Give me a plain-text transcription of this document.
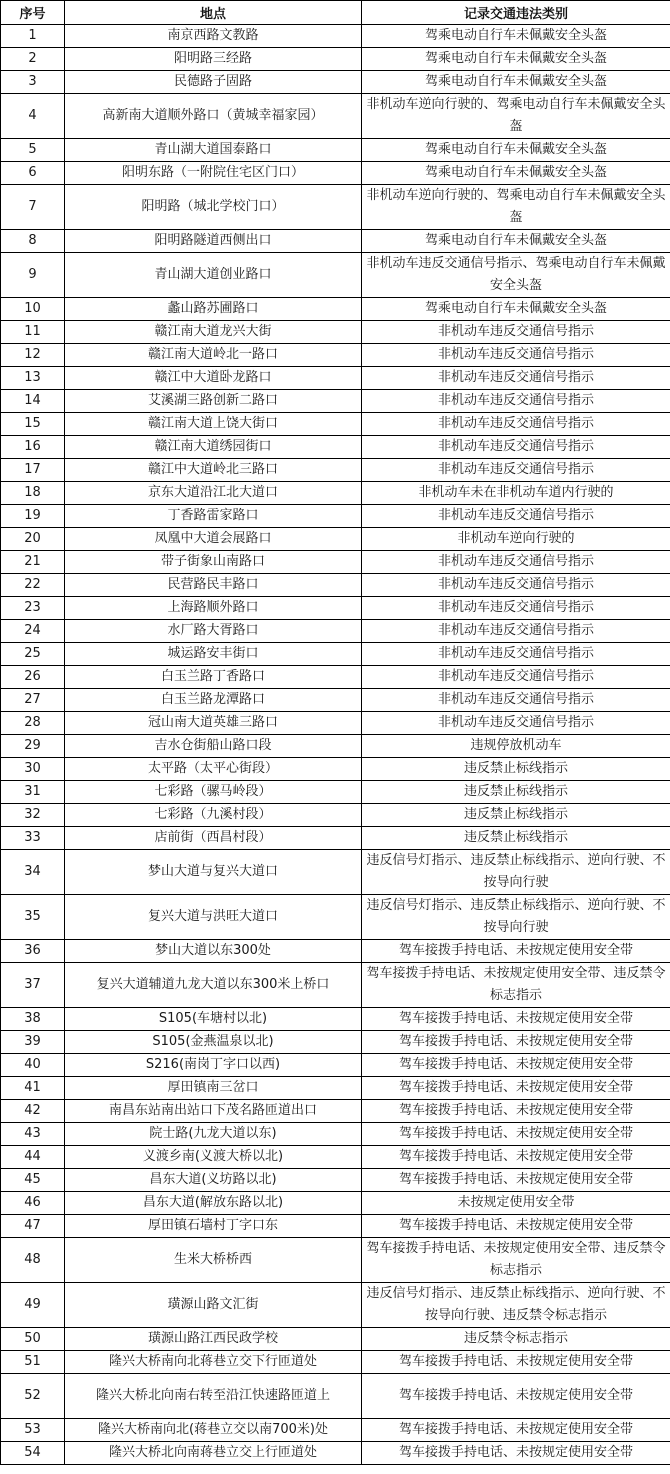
序号	地点	记录交通违法类别
1	南京西路文教路	驾乘电动自行车未佩戴安全头盔
2	阳明路三经路	驾乘电动自行车未佩戴安全头盔
3	民德路子固路	驾乘电动自行车未佩戴安全头盔
4	高新南大道顺外路口（黄城幸福家园）	非机动车逆向行驶的、驾乘电动自行车未佩戴安全头盔
5	青山湖大道国泰路口	驾乘电动自行车未佩戴安全头盔
6	阳明东路（一附院住宅区门口）	驾乘电动自行车未佩戴安全头盔
7	阳明路（城北学校门口）	非机动车逆向行驶的、驾乘电动自行车未佩戴安全头盔
8	阳明路隧道西侧出口	驾乘电动自行车未佩戴安全头盔
9	青山湖大道创业路口	非机动车违反交通信号指示、驾乘电动自行车未佩戴安全头盔
10	蠡山路苏圃路口	驾乘电动自行车未佩戴安全头盔
11	赣江南大道龙兴大街	非机动车违反交通信号指示
12	赣江南大道岭北一路口	非机动车违反交通信号指示
13	赣江中大道卧龙路口	非机动车违反交通信号指示
14	艾溪湖三路创新二路口	非机动车违反交通信号指示
15	赣江南大道上饶大街口	非机动车违反交通信号指示
16	赣江南大道绣园街口	非机动车违反交通信号指示
17	赣江中大道岭北三路口	非机动车违反交通信号指示
18	京东大道沿江北大道口	非机动车未在非机动车道内行驶的
19	丁香路雷家路口	非机动车违反交通信号指示
20	凤凰中大道会展路口	非机动车逆向行驶的
21	带子街象山南路口	非机动车违反交通信号指示
22	民营路民丰路口	非机动车违反交通信号指示
23	上海路顺外路口	非机动车违反交通信号指示
24	水厂路大胥路口	非机动车违反交通信号指示
25	城运路安丰街口	非机动车违反交通信号指示
26	白玉兰路丁香路口	非机动车违反交通信号指示
27	白玉兰路龙潭路口	非机动车违反交通信号指示
28	冠山南大道英雄三路口	非机动车违反交通信号指示
29	吉水仓街船山路口段	违规停放机动车
30	太平路（太平心街段）	违反禁止标线指示
31	七彩路（骡马岭段）	违反禁止标线指示
32	七彩路（九溪村段）	违反禁止标线指示
33	店前街（西昌村段）	违反禁止标线指示
34	梦山大道与复兴大道口	违反信号灯指示、违反禁止标线指示、逆向行驶、不按导向行驶
35	复兴大道与洪旺大道口	违反信号灯指示、违反禁止标线指示、逆向行驶、不按导向行驶
36	梦山大道以东300处	驾车接拨手持电话、未按规定使用安全带
37	复兴大道辅道九龙大道以东300米上桥口	驾车接拨手持电话、未按规定使用安全带、违反禁令标志指示
38	S105(车塘村以北)	驾车接拨手持电话、未按规定使用安全带
39	S105(金燕温泉以北)	驾车接拨手持电话、未按规定使用安全带
40	S216(南岗丁字口以西)	驾车接拨手持电话、未按规定使用安全带
41	厚田镇南三岔口	驾车接拨手持电话、未按规定使用安全带
42	南昌东站南出站口下茂名路匝道出口	驾车接拨手持电话、未按规定使用安全带
43	院士路(九龙大道以东)	驾车接拨手持电话、未按规定使用安全带
44	义渡乡南(义渡大桥以北)	驾车接拨手持电话、未按规定使用安全带
45	昌东大道(义坊路以北)	驾车接拨手持电话、未按规定使用安全带
46	昌东大道(解放东路以北)	未按规定使用安全带
47	厚田镇石墙村丁字口东	驾车接拨手持电话、未按规定使用安全带
48	生米大桥桥西	驾车接拨手持电话、未按规定使用安全带、违反禁令标志指示
49	璜源山路文汇街	违反信号灯指示、违反禁止标线指示、逆向行驶、不按导向行驶、违反禁令标志指示
50	璜源山路江西民政学校	违反禁令标志指示
51	隆兴大桥南向北蒋巷立交下行匝道处	驾车接拨手持电话、未按规定使用安全带
52	隆兴大桥北向南右转至沿江快速路匝道上	驾车接拨手持电话、未按规定使用安全带
53	隆兴大桥南向北(蒋巷立交以南700米)处	驾车接拨手持电话、未按规定使用安全带
54	隆兴大桥北向南蒋巷立交上行匝道处	驾车接拨手持电话、未按规定使用安全带
